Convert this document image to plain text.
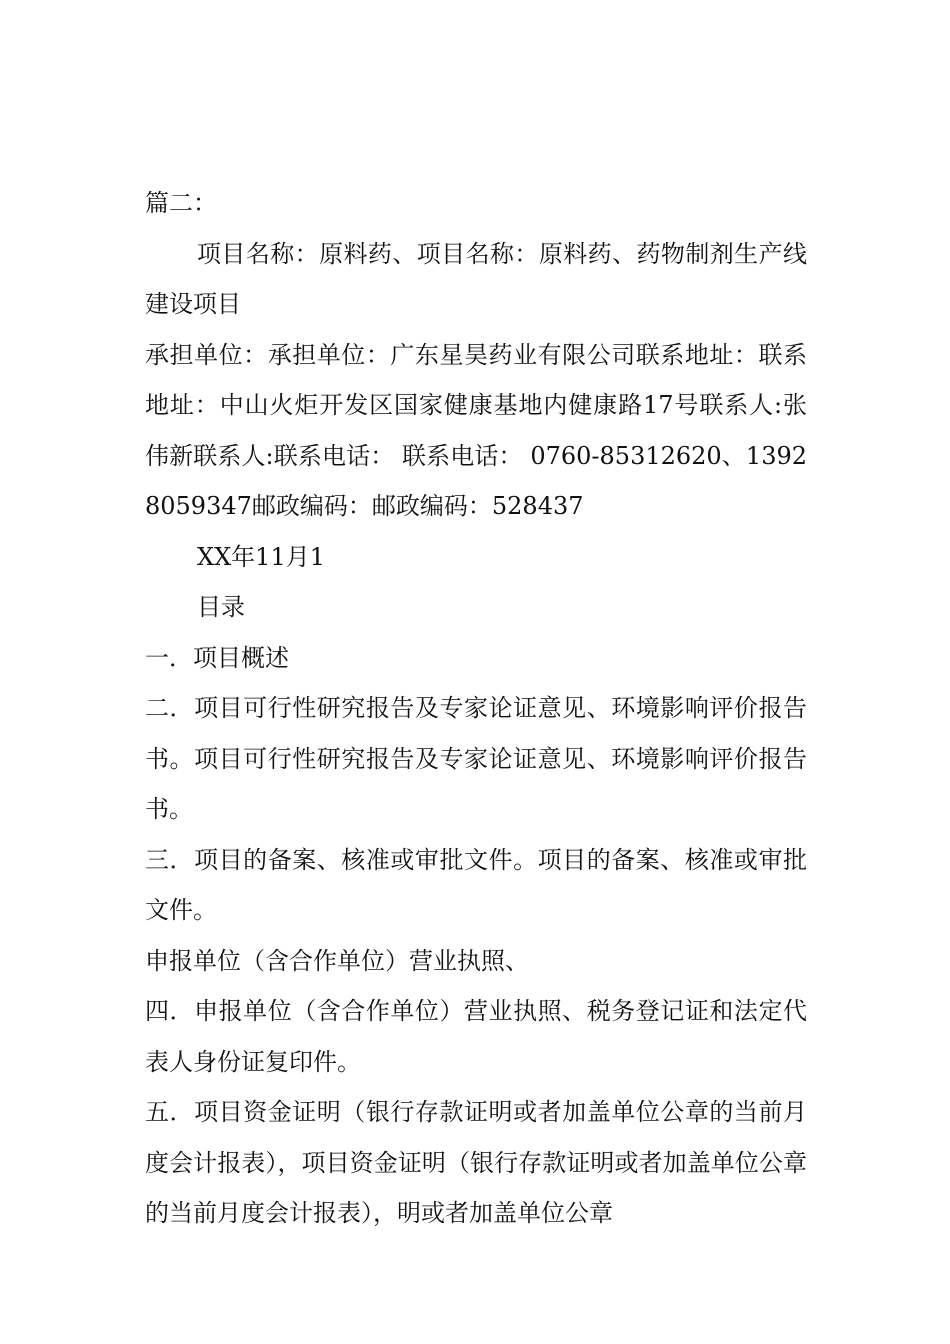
篇二：

项目名称：原料药、项目名称：原料药、药物制剂生产线建设项目

承担单位：承担单位：广东星昊药业有限公司联系地址：联系地址：中山火炬开发区国家健康基地内健康路17号联系人:张伟新联系人:联系电话： 联系电话： 0760-85312620、13928059347邮政编码：邮政编码：528437

XX年11月1

目录

一．项目概述

二．项目可行性研究报告及专家论证意见、环境影响评价报告书。项目可行性研究报告及专家论证意见、环境影响评价报告书。

三．项目的备案、核准或审批文件。项目的备案、核准或审批文件。

申报单位（含合作单位）营业执照、

四．申报单位（含合作单位）营业执照、税务登记证和法定代表人身份证复印件。

五．项目资金证明（银行存款证明或者加盖单位公章的当前月度会计报表），项目资金证明（银行存款证明或者加盖单位公章的当前月度会计报表），明或者加盖单位公章
